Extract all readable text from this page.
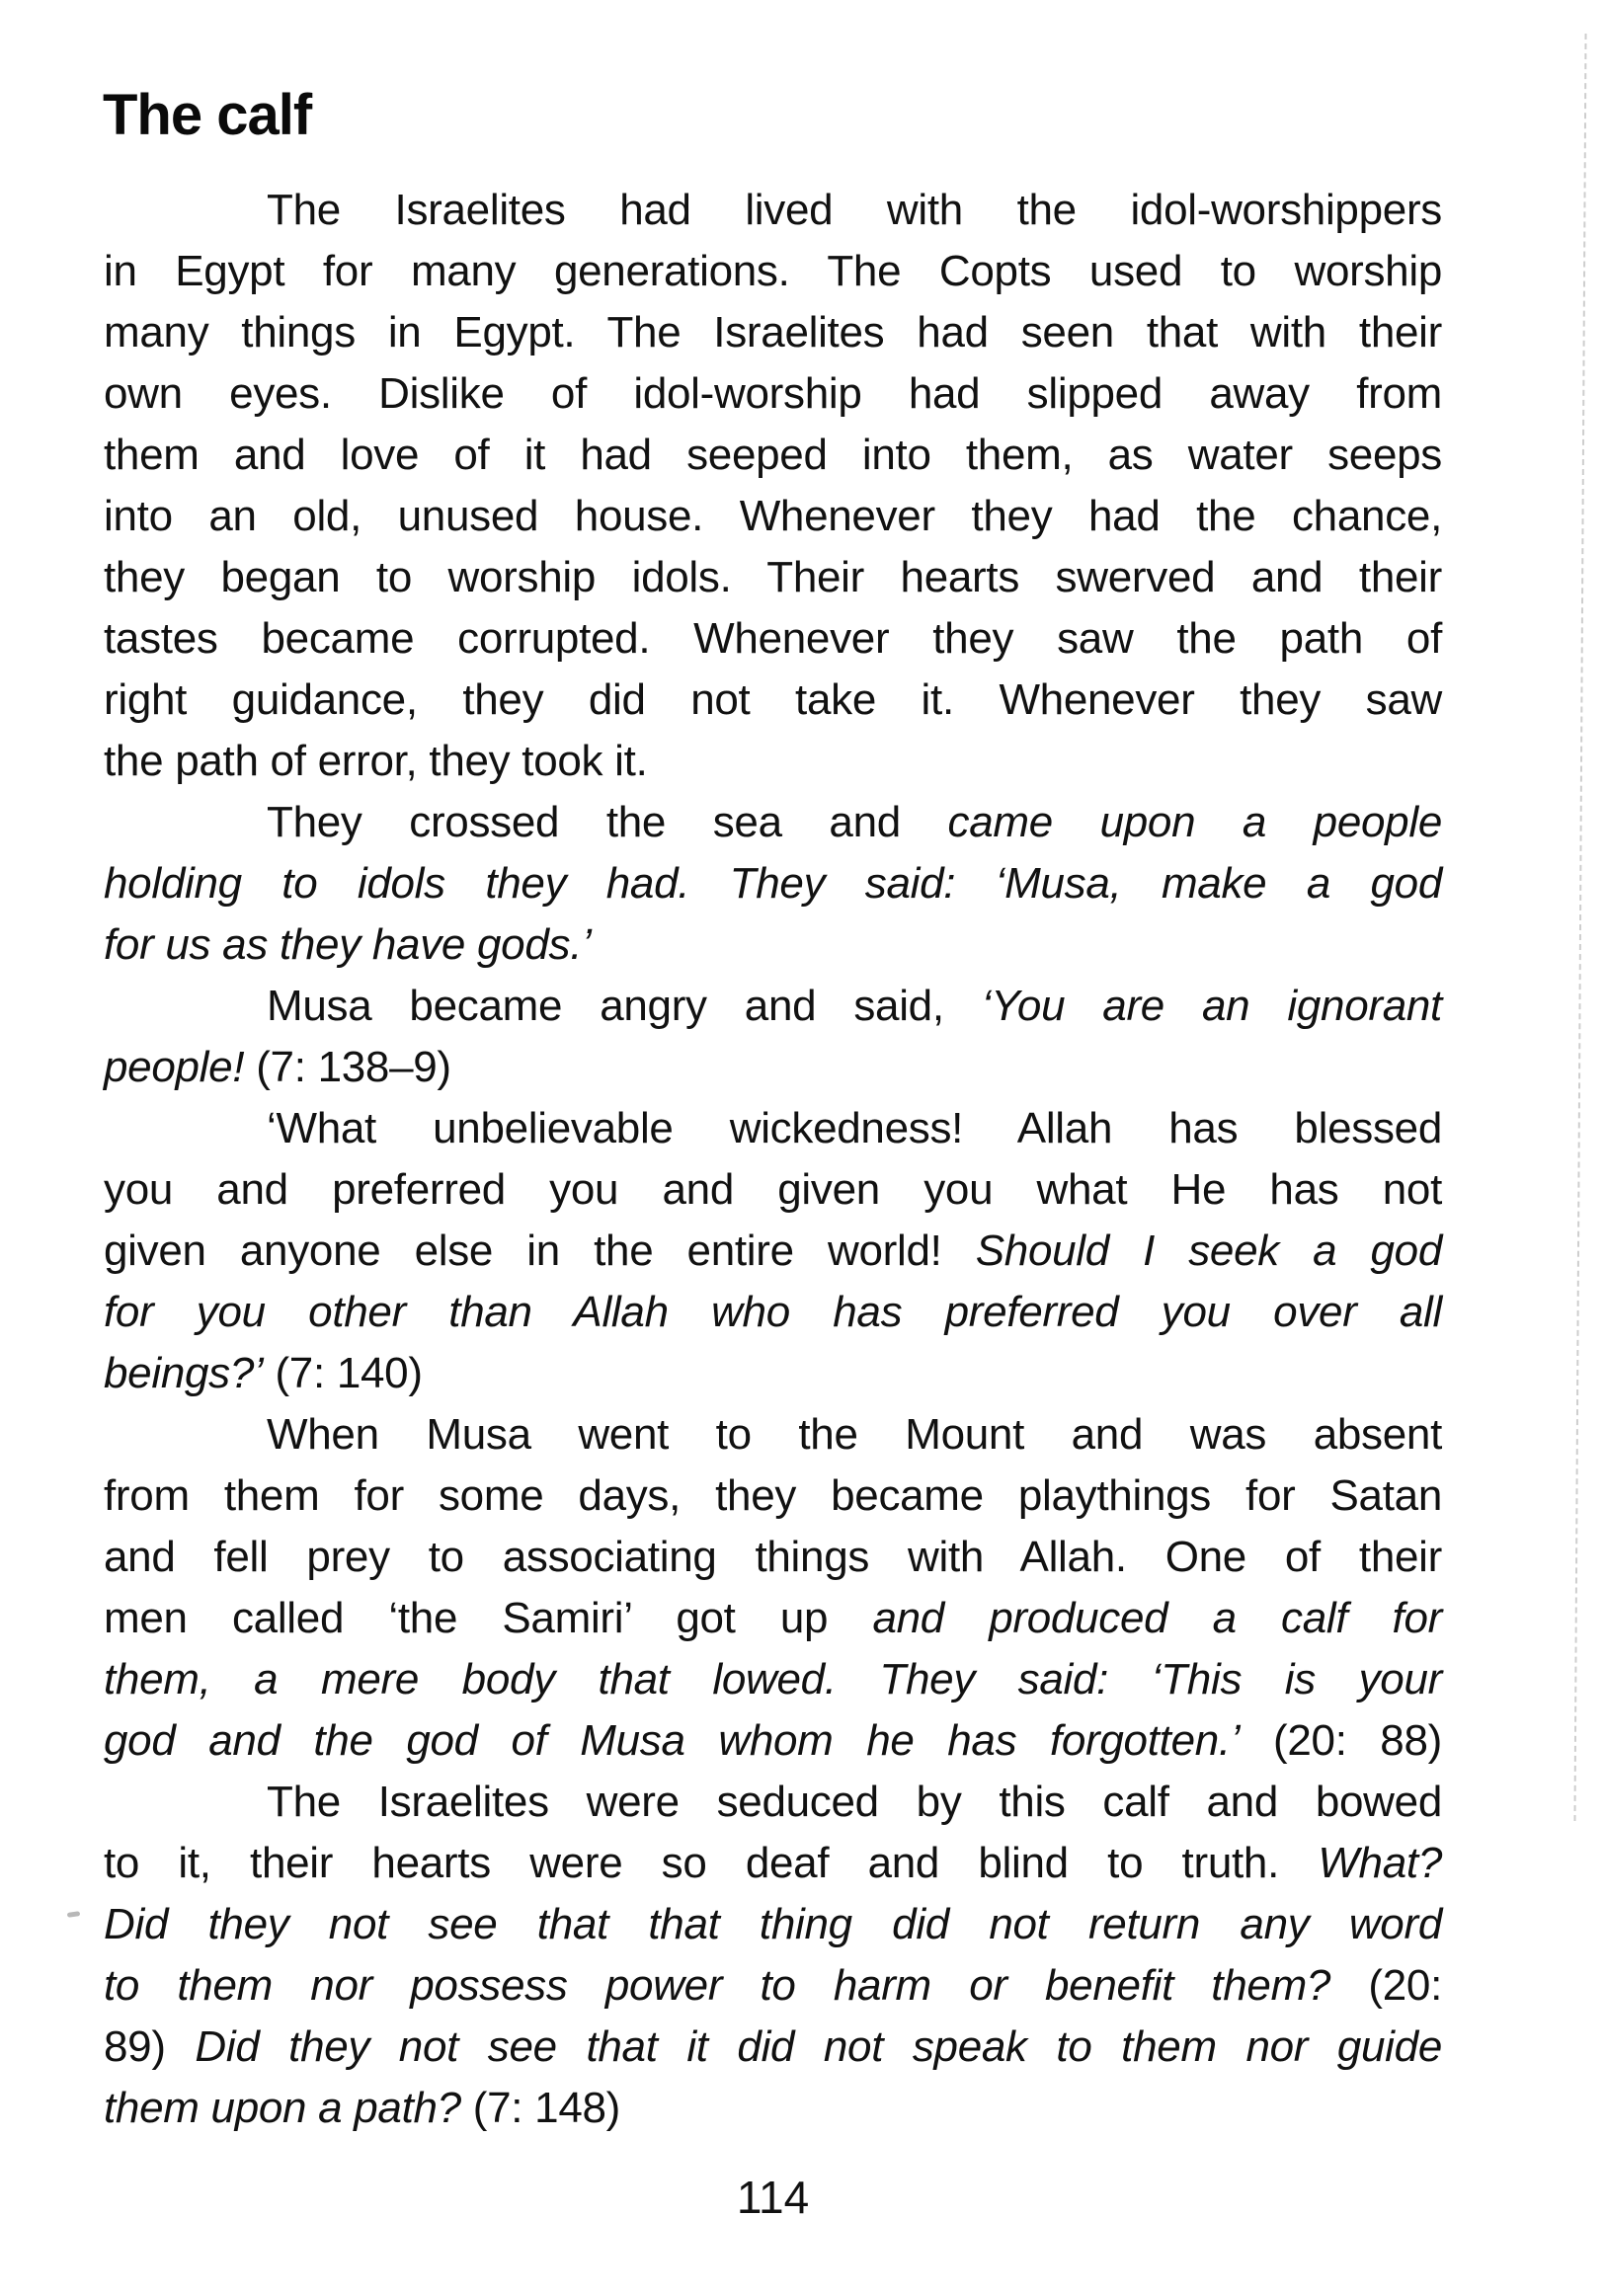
The calf
The Israelites had lived with the idol-worshippers
in Egypt for many generations. The Copts used to worship
many things in Egypt. The Israelites had seen that with their
own eyes. Dislike of idol-worship had slipped away from
them and love of it had seeped into them, as water seeps
into an old, unused house. Whenever they had the chance,
they began to worship idols. Their hearts swerved and their
tastes became corrupted. Whenever they saw the path of
right guidance, they did not take it. Whenever they saw
the path of error, they took it.
They crossed the sea and came upon a people
holding to idols they had. They said: ‘Musa, make a god
for us as they have gods.’
Musa became angry and said, ‘You are an ignorant
people! (7: 138–9)
‘What unbelievable wickedness! Allah has blessed
you and preferred you and given you what He has not
given anyone else in the entire world! Should I seek a god
for you other than Allah who has preferred you over all
beings?’ (7: 140)
When Musa went to the Mount and was absent
from them for some days, they became playthings for Satan
and fell prey to associating things with Allah. One of their
men called ‘the Samiri’ got up and produced a calf for
them, a mere body that lowed. They said: ‘This is your
god and the god of Musa whom he has forgotten.’ (20: 88)
The Israelites were seduced by this calf and bowed
to it, their hearts were so deaf and blind to truth. What?
Did they not see that that thing did not return any word
to them nor possess power to harm or benefit them? (20:
89) Did they not see that it did not speak to them nor guide
them upon a path? (7: 148)
114
